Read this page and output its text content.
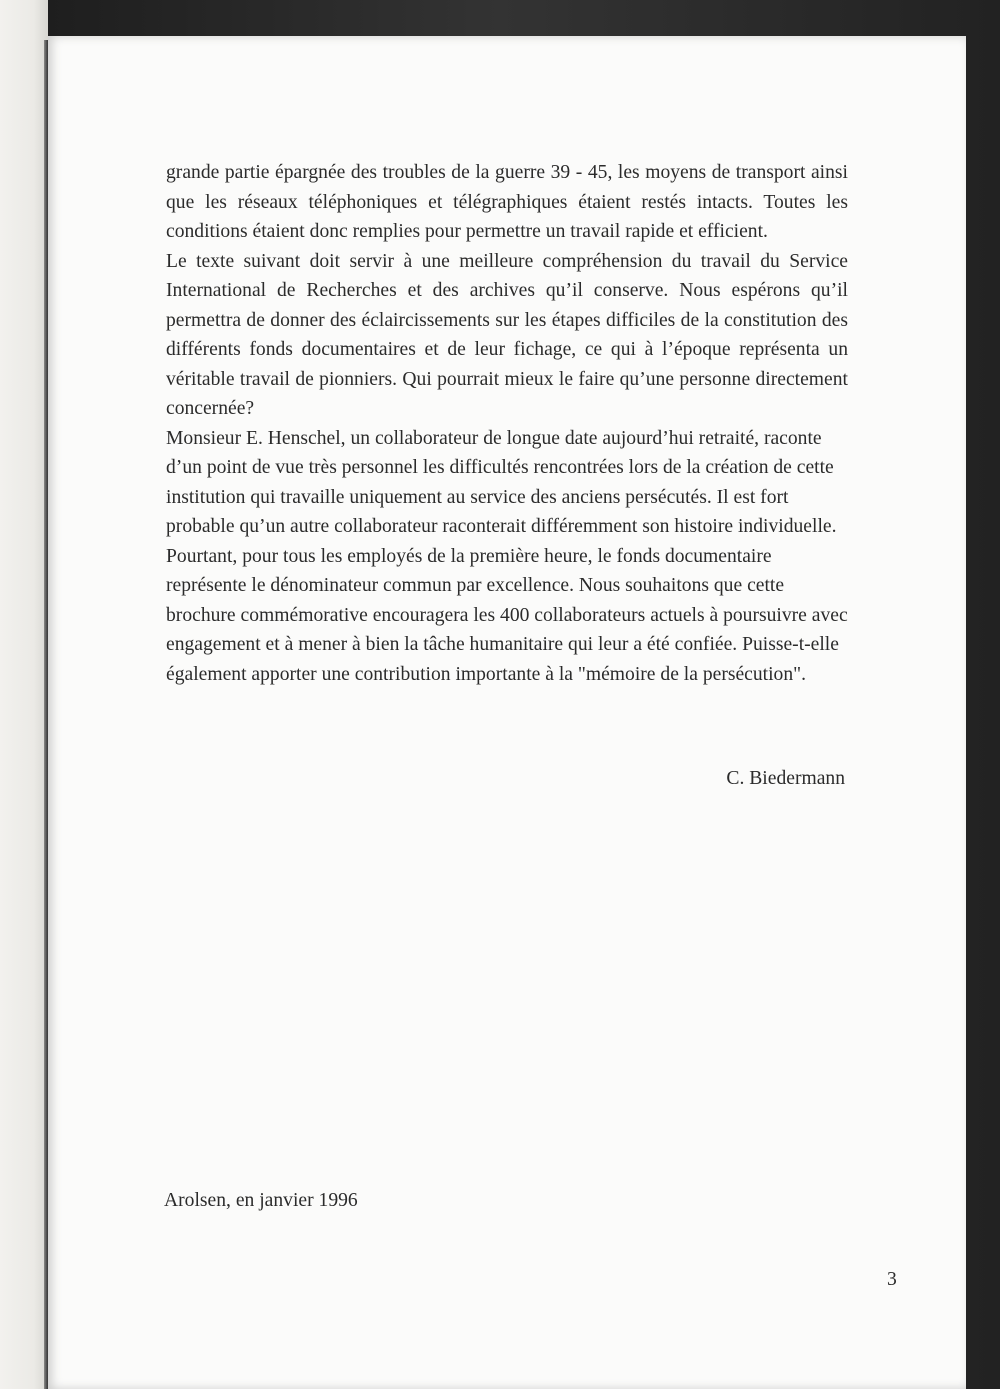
grande partie épargnée des troubles de la guerre 39 - 45, les moyens de transport ainsi que les réseaux téléphoniques et télégraphiques étaient restés intacts. Toutes les conditions étaient donc remplies pour permettre un travail rapide et efficient.

Le texte suivant doit servir à une meilleure compréhension du travail du Service International de Recherches et des archives qu’il conserve. Nous espérons qu’il permettra de donner des éclaircissements sur les étapes difficiles de la constitution des différents fonds documentaires et de leur fichage, ce qui à l’époque représenta un véritable travail de pionniers. Qui pourrait mieux le faire qu’une personne directement concernée?

Monsieur E. Henschel, un collaborateur de longue date aujourd’hui retraité, raconte d’un point de vue très personnel les difficultés rencontrées lors de la création de cette institution qui travaille uniquement au service des anciens persécutés. Il est fort probable qu’un autre collaborateur raconterait différemment son histoire individuelle. Pourtant, pour tous les employés de la première heure, le fonds documentaire représente le dénominateur commun par excellence. Nous souhaitons que cette brochure commémorative encouragera les 400 collaborateurs actuels à poursuivre avec engagement et à mener à bien la tâche humanitaire qui leur a été confiée. Puisse-t-elle également apporter une contribution importante à la "mémoire de la persécution".

C. Biedermann
Arolsen, en janvier 1996
3
